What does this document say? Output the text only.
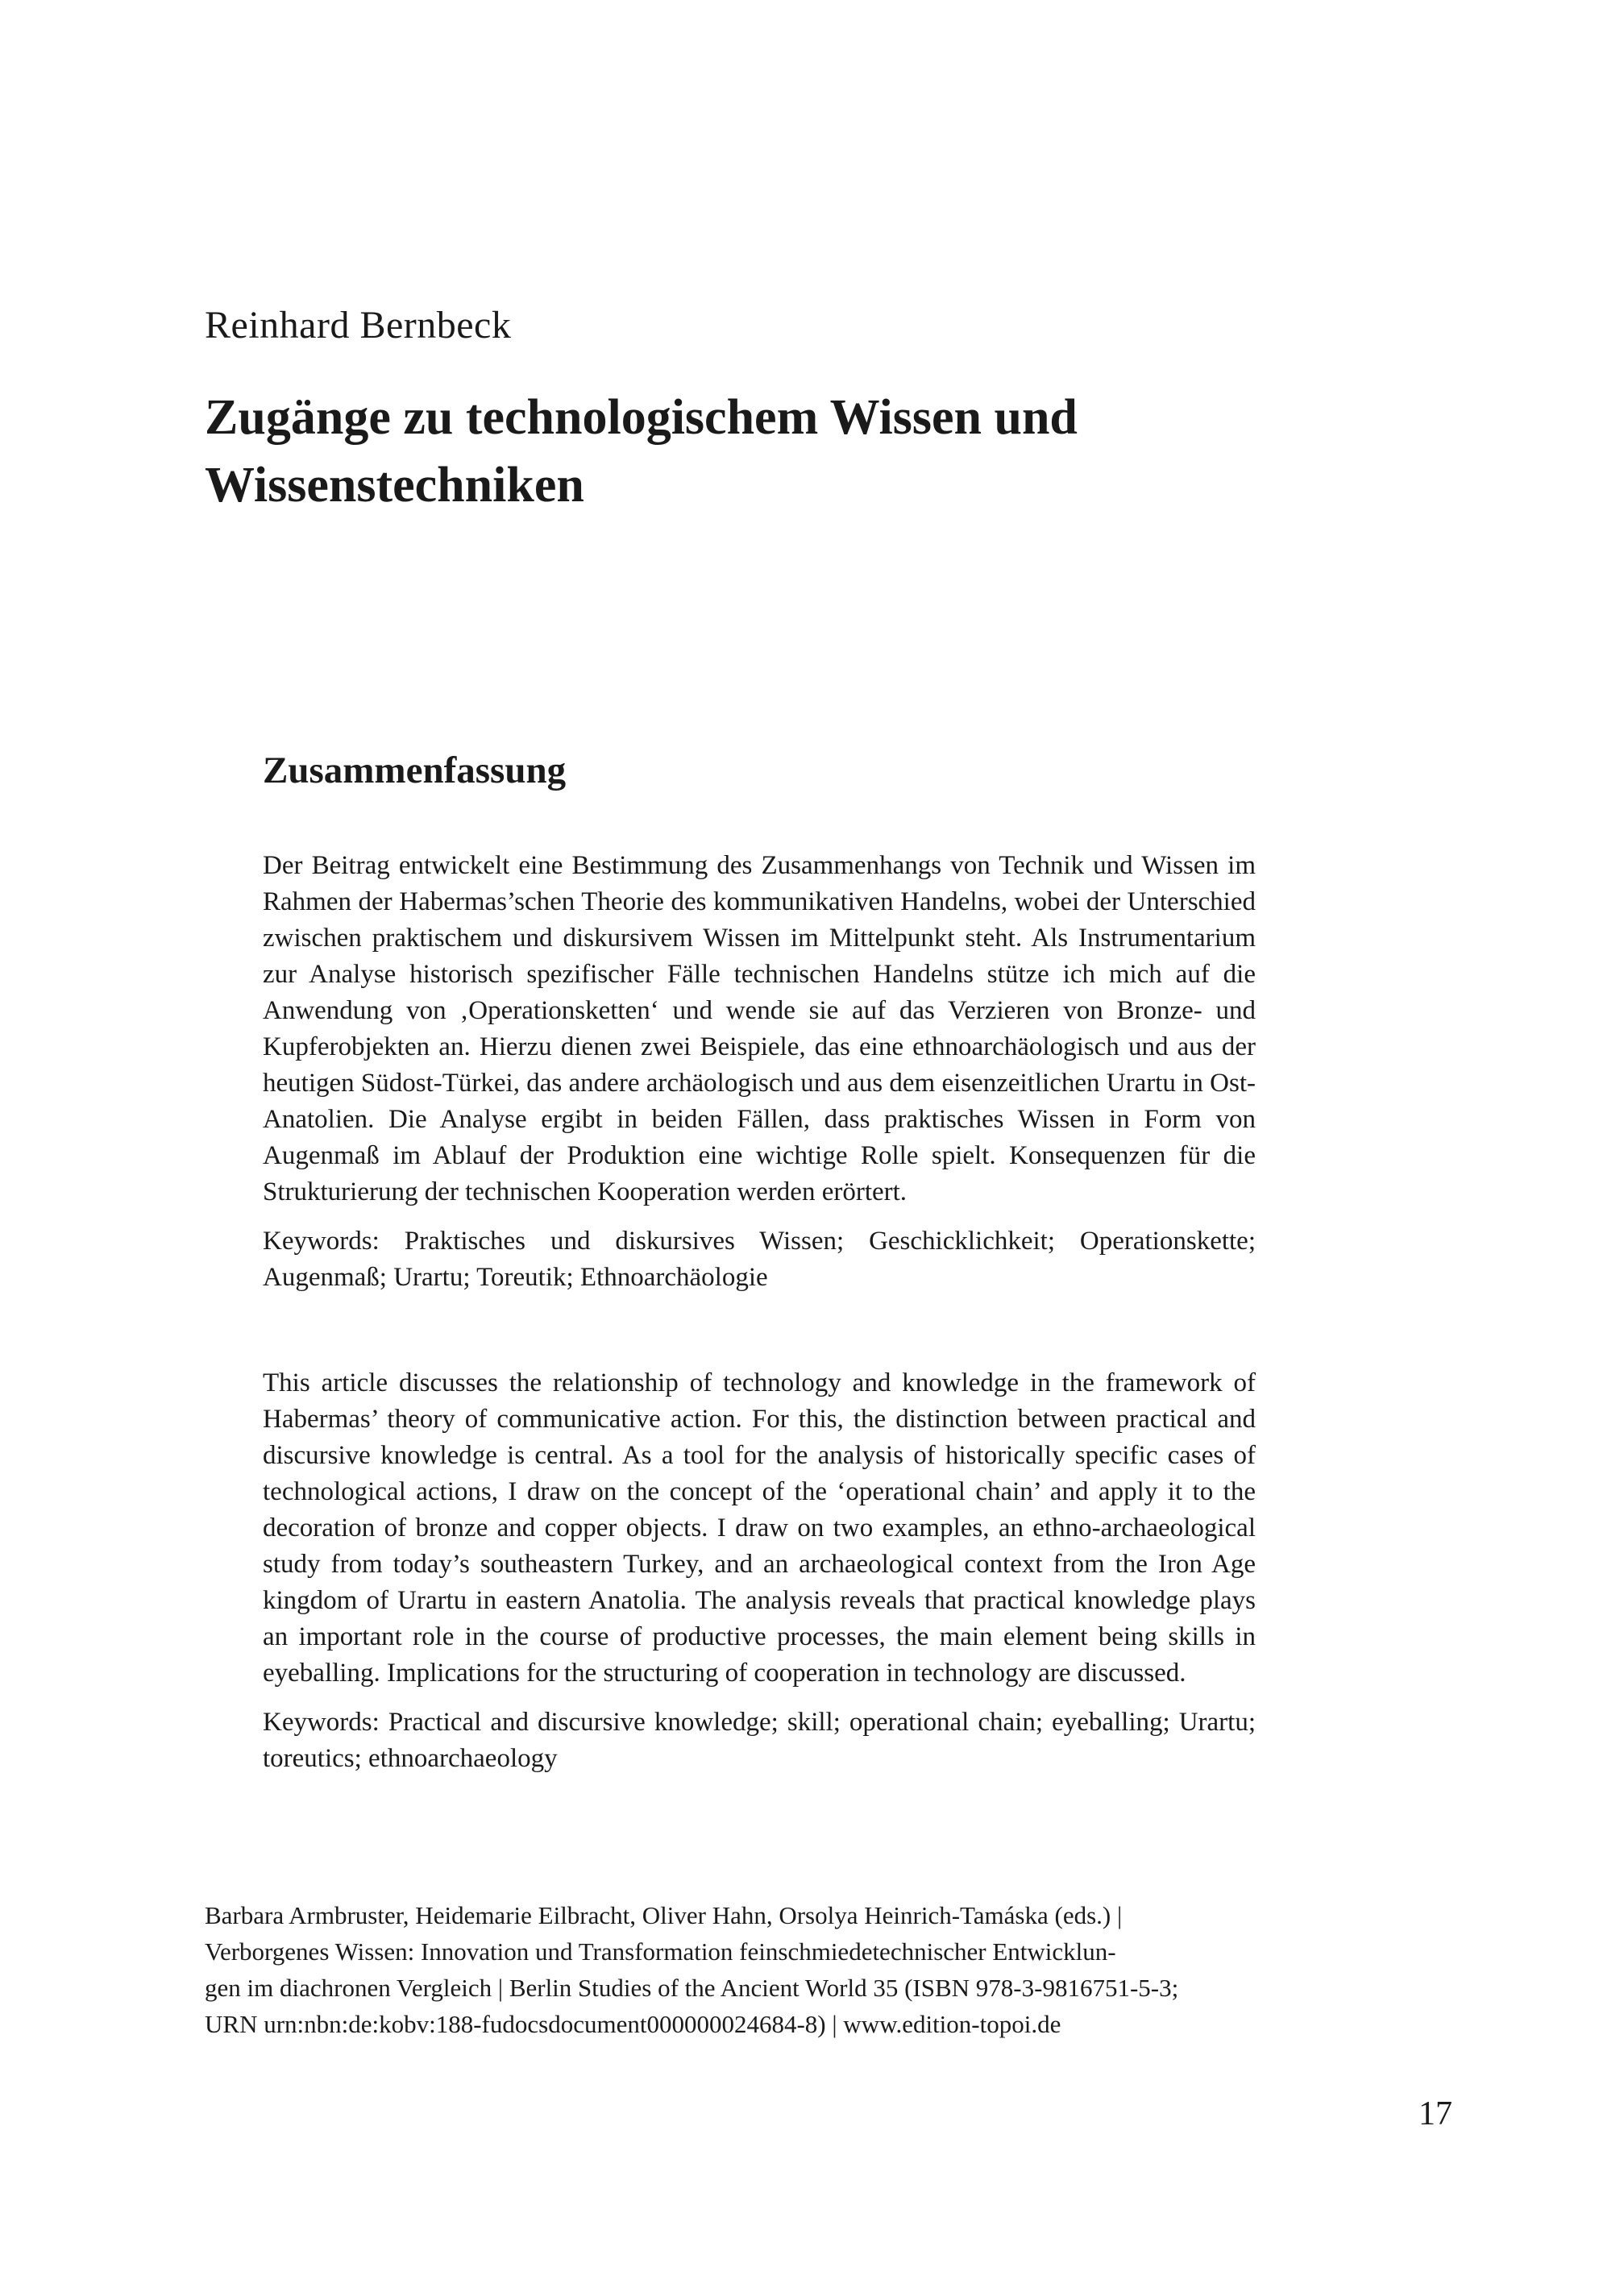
Reinhard Bernbeck

Zugänge zu technologischem Wissen und Wissenstechniken
Zusammenfassung

Der Beitrag entwickelt eine Bestimmung des Zusammenhangs von Technik und Wissen im Rahmen der Habermas’schen Theorie des kommunikativen Handelns, wobei der Unterschied zwischen praktischem und diskursivem Wissen im Mittelpunkt steht. Als Instrumentarium zur Analyse historisch spezifischer Fälle technischen Handelns stütze ich mich auf die Anwendung von ‚Operationsketten‘ und wende sie auf das Verzieren von Bronze- und Kupferobjekten an. Hierzu dienen zwei Beispiele, das eine ethnoarchäologisch und aus der heutigen Südost-Türkei, das andere archäologisch und aus dem eisenzeitlichen Urartu in Ost-Anatolien. Die Analyse ergibt in beiden Fällen, dass praktisches Wissen in Form von Augenmaß im Ablauf der Produktion eine wichtige Rolle spielt. Konsequenzen für die Strukturierung der technischen Kooperation werden erörtert.

Keywords: Praktisches und diskursives Wissen; Geschicklichkeit; Operationskette; Augenmaß; Urartu; Toreutik; Ethnoarchäologie

This article discusses the relationship of technology and knowledge in the framework of Habermas’ theory of communicative action. For this, the distinction between practical and discursive knowledge is central. As a tool for the analysis of historically specific cases of technological actions, I draw on the concept of the ‘operational chain’ and apply it to the decoration of bronze and copper objects. I draw on two examples, an ethno-archaeological study from today’s southeastern Turkey, and an archaeological context from the Iron Age kingdom of Urartu in eastern Anatolia. The analysis reveals that practical knowledge plays an important role in the course of productive processes, the main element being skills in eyeballing. Implications for the structuring of cooperation in technology are discussed.

Keywords: Practical and discursive knowledge; skill; operational chain; eyeballing; Urartu; toreutics; ethnoarchaeology

Barbara Armbruster, Heidemarie Eilbracht, Oliver Hahn, Orsolya Heinrich-Tamáska (eds.) |
Verborgenes Wissen: Innovation und Transformation feinschmiedetechnischer Entwicklun-
gen im diachronen Vergleich | Berlin Studies of the Ancient World 35 (ISBN 978-3-9816751-5-3;
URN urn:nbn:de:kobv:188-fudocsdocument000000024684-8) | www.edition-topoi.de

17
